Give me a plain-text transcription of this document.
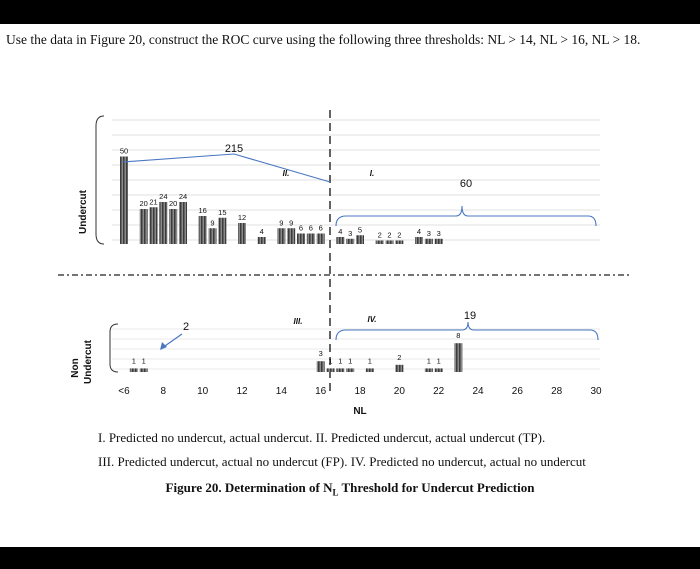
Use the data in Figure 20, construct the ROC curve using the following three thresholds: NL > 14, NL > 16, NL > 18.
50
20 21
24
20
24
16
9
15
12
4
9 9
6 6 6 4 3 5
2 2 2 4 3 3
1 1
3
1 1 1 1	2	1 1
8
Undercut
Non Undercut
215
II.	I.
60
III.	IV.
2
19
<6	8	10	12	14	16	18	20	22	24	26	28	30
NL
I. Predicted no undercut, actual undercut. II. Predicted undercut, actual undercut (TP).
III. Predicted undercut, actual no undercut (FP). IV. Predicted no undercut, actual no undercut
Figure 20. Determination of $N_L$ Threshold for Undercut Prediction
